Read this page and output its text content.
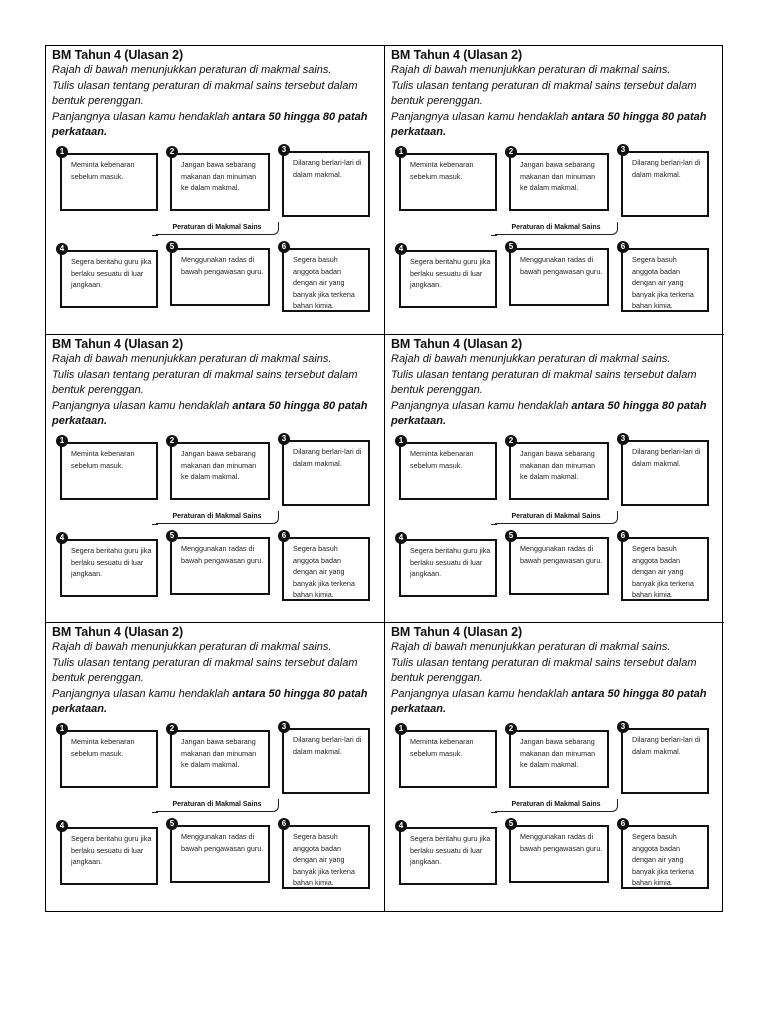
BM Tahun 4 (Ulasan 2)

Rajah di bawah menunjukkan peraturan di makmal sains.

Tulis ulasan tentang peraturan di makmal sains tersebut dalam bentuk perenggan.

Panjangnya ulasan kamu hendaklah antara 50 hingga 80 patah perkataan.

Meminta kebenaran sebelum masuk.
1
Jangan bawa sebarang makanan dan minuman ke dalam makmal.
2
Dilarang berlari-lari di dalam makmal.
3
Peraturan di Makmal Sains
Segera beritahu guru jika berlaku sesuatu di luar jangkaan.
4
Menggunakan radas di bawah pengawasan guru.
5
Segera basuh anggota badan dengan air yang banyak jika terkena bahan kimia.
6
BM Tahun 4 (Ulasan 2)

Rajah di bawah menunjukkan peraturan di makmal sains.

Tulis ulasan tentang peraturan di makmal sains tersebut dalam bentuk perenggan.

Panjangnya ulasan kamu hendaklah antara 50 hingga 80 patah perkataan.

Meminta kebenaran sebelum masuk.
1
Jangan bawa sebarang makanan dan minuman ke dalam makmal.
2
Dilarang berlari-lari di dalam makmal.
3
Peraturan di Makmal Sains
Segera beritahu guru jika berlaku sesuatu di luar jangkaan.
4
Menggunakan radas di bawah pengawasan guru.
5
Segera basuh anggota badan dengan air yang banyak jika terkena bahan kimia.
6
BM Tahun 4 (Ulasan 2)

Rajah di bawah menunjukkan peraturan di makmal sains.

Tulis ulasan tentang peraturan di makmal sains tersebut dalam bentuk perenggan.

Panjangnya ulasan kamu hendaklah antara 50 hingga 80 patah perkataan.

Meminta kebenaran sebelum masuk.
1
Jangan bawa sebarang makanan dan minuman ke dalam makmal.
2
Dilarang berlari-lari di dalam makmal.
3
Peraturan di Makmal Sains
Segera beritahu guru jika berlaku sesuatu di luar jangkaan.
4
Menggunakan radas di bawah pengawasan guru.
5
Segera basuh anggota badan dengan air yang banyak jika terkena bahan kimia.
6
BM Tahun 4 (Ulasan 2)

Rajah di bawah menunjukkan peraturan di makmal sains.

Tulis ulasan tentang peraturan di makmal sains tersebut dalam bentuk perenggan.

Panjangnya ulasan kamu hendaklah antara 50 hingga 80 patah perkataan.

Meminta kebenaran sebelum masuk.
1
Jangan bawa sebarang makanan dan minuman ke dalam makmal.
2
Dilarang berlari-lari di dalam makmal.
3
Peraturan di Makmal Sains
Segera beritahu guru jika berlaku sesuatu di luar jangkaan.
4
Menggunakan radas di bawah pengawasan guru.
5
Segera basuh anggota badan dengan air yang banyak jika terkena bahan kimia.
6
BM Tahun 4 (Ulasan 2)

Rajah di bawah menunjukkan peraturan di makmal sains.

Tulis ulasan tentang peraturan di makmal sains tersebut dalam bentuk perenggan.

Panjangnya ulasan kamu hendaklah antara 50 hingga 80 patah perkataan.

Meminta kebenaran sebelum masuk.
1
Jangan bawa sebarang makanan dan minuman ke dalam makmal.
2
Dilarang berlari-lari di dalam makmal.
3
Peraturan di Makmal Sains
Segera beritahu guru jika berlaku sesuatu di luar jangkaan.
4
Menggunakan radas di bawah pengawasan guru.
5
Segera basuh anggota badan dengan air yang banyak jika terkena bahan kimia.
6
BM Tahun 4 (Ulasan 2)

Rajah di bawah menunjukkan peraturan di makmal sains.

Tulis ulasan tentang peraturan di makmal sains tersebut dalam bentuk perenggan.

Panjangnya ulasan kamu hendaklah antara 50 hingga 80 patah perkataan.

Meminta kebenaran sebelum masuk.
1
Jangan bawa sebarang makanan dan minuman ke dalam makmal.
2
Dilarang berlari-lari di dalam makmal.
3
Peraturan di Makmal Sains
Segera beritahu guru jika berlaku sesuatu di luar jangkaan.
4
Menggunakan radas di bawah pengawasan guru.
5
Segera basuh anggota badan dengan air yang banyak jika terkena bahan kimia.
6
